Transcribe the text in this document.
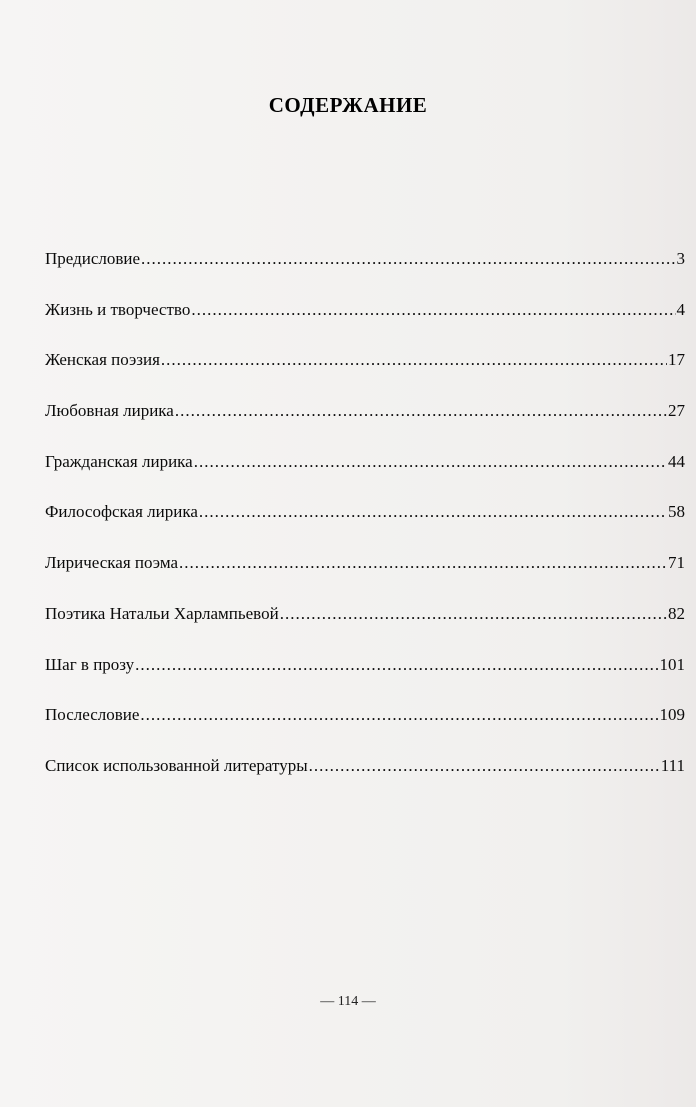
СОДЕРЖАНИЕ
Предисловие .....	3
Жизнь и творчество .....	4
Женская поэзия .....	17
Любовная лирика .....	27
Гражданская лирика .....	44
Философская лирика .....	58
Лирическая поэма .....	71
Поэтика Натальи Харлампьевой .....	82
Шаг в прозу .....	101
Послесловие .....	109
Список использованной литературы .....	111
— 114 —
